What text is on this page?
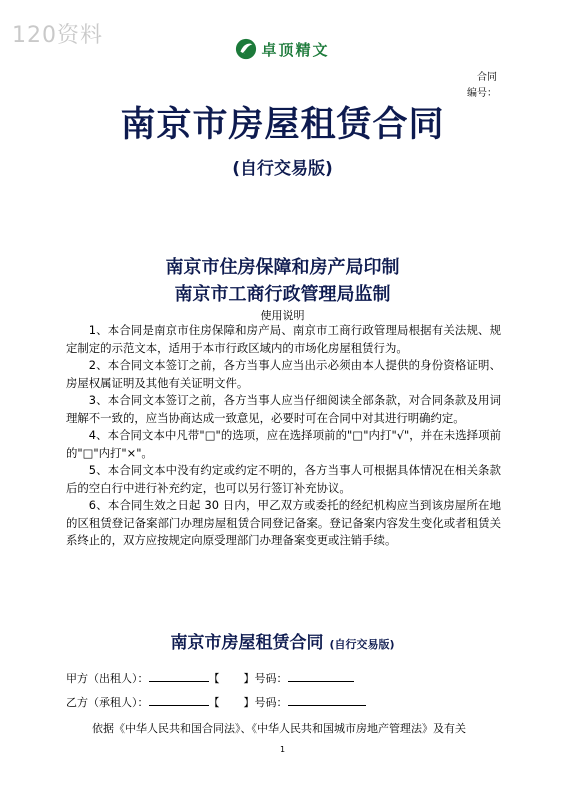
120资料
卓顶精文
合同
编号：
南京市房屋租赁合同
(自行交易版)
南京市住房保障和房产局印制
南京市工商行政管理局监制
使用说明

1、本合同是南京市住房保障和房产局、南京市工商行政管理局根据有关法规、规定制定的示范文本，适用于本市行政区域内的市场化房屋租赁行为。

2、本合同文本签订之前，各方当事人应当出示必须由本人提供的身份资格证明、房屋权属证明及其他有关证明文件。

3、本合同文本签订之前，各方当事人应当仔细阅读全部条款，对合同条款及用词理解不一致的，应当协商达成一致意见，必要时可在合同中对其进行明确约定。

4、本合同文本中凡带"□"的选项，应在选择项前的"□"内打"√"，并在未选择项前的"□"内打"×"。

5、本合同文本中没有约定或约定不明的，各方当事人可根据具体情况在相关条款后的空白行中进行补充约定，也可以另行签订补充协议。

6、本合同生效之日起 30 日内，甲乙双方或委托的经纪机构应当到该房屋所在地的区租赁登记备案部门办理房屋租赁合同登记备案。登记备案内容发生变化或者租赁关系终止的，双方应按规定向原受理部门办理备案变更或注销手续。

南京市房屋租赁合同 (自行交易版)
甲方（出租人）：	【 】号码：
乙方（承租人）：	【 】号码：
依据《中华人民共和国合同法》、《中华人民共和国城市房地产管理法》及有关
1
